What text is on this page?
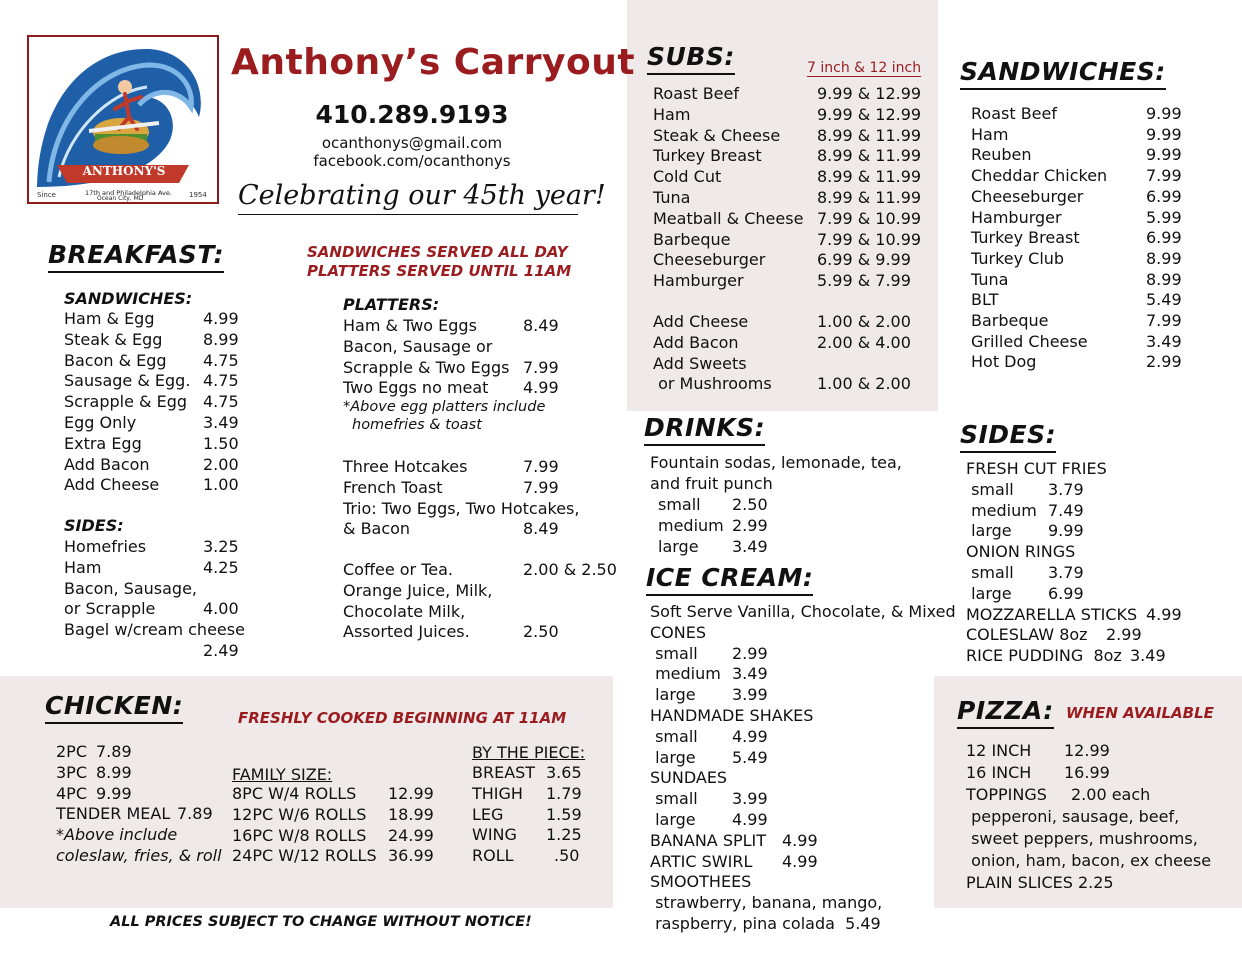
ANTHONY'S
Since	1954
17th and Philadelphia Ave.
Ocean City, MD
Anthony’s Carryout
410.289.9193
ocanthonys@gmail.com
facebook.com/ocanthonys
Celebrating our 45th year!
BREAKFAST:	SANDWICHES SERVED ALL DAY
PLATTERS SERVED UNTIL 11AM
SANDWICHES:
Ham & Egg	4.99
Steak & Egg	8.99
Bacon & Egg 4.75
Sausage & Egg. 4.75
Scrapple & Egg 4.75
Egg Only	3.49
Extra Egg	1.50
Add Bacon	2.00
Add Cheese	1.00
SIDES:
Homefries	3.25
Ham	4.25
Bacon, Sausage,
or Scrapple	4.00
Bagel w/cream cheese
2.49
PLATTERS:
Ham & Two Eggs	8.49
Bacon, Sausage or
Scrapple & Two Eggs 7.99
Two Eggs no meat 4.99
*Above egg platters include
homefries & toast
Three Hotcakes	7.99
French Toast	7.99
Trio: Two Eggs, Two Hotcakes,
& Bacon	8.49
Coffee or Tea.	2.00 & 2.50
Orange Juice, Milk,
Chocolate Milk,
Assorted Juices.	2.50
SUBS:	7 inch & 12 inch
Roast Beef	9.99 & 12.99
Ham	9.99 & 12.99
Steak & Cheese 8.99 & 11.99
Turkey Breast	8.99 & 11.99
Cold Cut	8.99 & 11.99
Tuna	8.99 & 11.99
Meatball & Cheese 7.99 & 10.99
Barbeque	7.99 & 10.99
Cheeseburger	6.99 & 9.99
Hamburger	5.99 & 7.99
Add Cheese	1.00 & 2.00
Add Bacon	2.00 & 4.00
Add Sweets
or Mushrooms	1.00 & 2.00
SANDWICHES:
Roast Beef	9.99
Ham	9.99
Reuben	9.99
Cheddar Chicken 7.99
Cheeseburger	6.99
Hamburger	5.99
Turkey Breast	6.99
Turkey Club	8.99
Tuna	8.99
BLT	5.49
Barbeque	7.99
Grilled Cheese	3.49
Hot Dog	2.99
DRINKS:
Fountain sodas, lemonade, tea,
and fruit punch
small 2.50
medium 2.99
large 3.49
ICE CREAM:
Soft Serve Vanilla, Chocolate, & Mixed
CONES
small 2.99
medium 3.49
large 3.99
HANDMADE SHAKES
small 4.99
large 5.49
SUNDAES
small 3.99
large 4.99
BANANA SPLIT 4.99
ARTIC SWIRL 4.99
SMOOTHEES
strawberry, banana, mango,
raspberry, pina colada  5.49
SIDES:
FRESH CUT FRIES
small 3.79
medium 7.49
large 9.99
ONION RINGS
small 3.79
large 6.99
MOZZARELLA STICKS 4.99
COLESLAW 8oz 2.99
RICE PUDDING  8oz 3.49
CHICKEN:	FRESHLY COOKED BEGINNING AT 11AM
2PC 7.89
3PC 8.99
4PC 9.99
TENDER MEAL 7.89
*Above include
coleslaw, fries, & roll
FAMILY SIZE:
8PC W/4 ROLLS 12.99
12PC W/6 ROLLS 18.99
16PC W/8 ROLLS 24.99
24PC W/12 ROLLS 36.99
BY THE PIECE:
BREAST 3.65
THIGH 1.79
LEG	1.59
WING 1.25
ROLL	.50
PIZZA: WHEN AVAILABLE
12 INCH 12.99
16 INCH 16.99
TOPPINGS 2.00 each
pepperoni, sausage, beef,
sweet peppers, mushrooms,
onion, ham, bacon, ex cheese
PLAIN SLICES 2.25
ALL PRICES SUBJECT TO CHANGE WITHOUT NOTICE!
